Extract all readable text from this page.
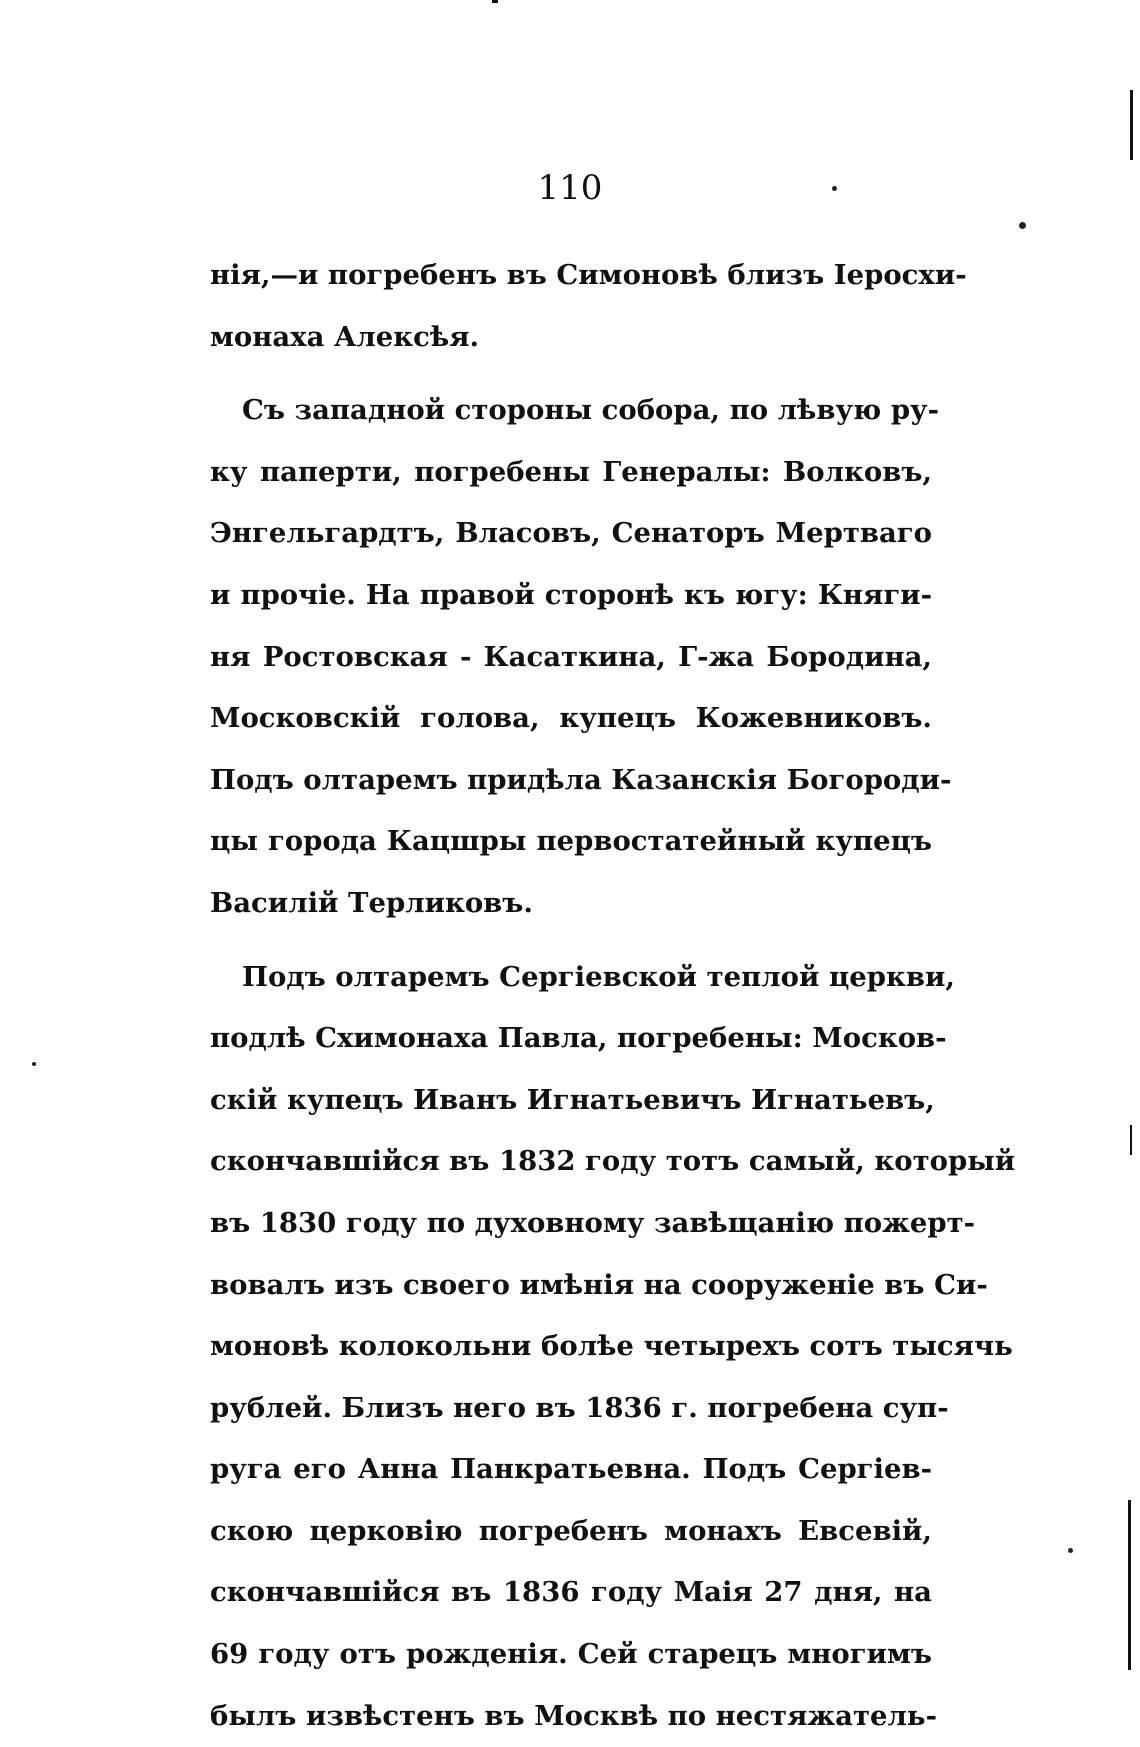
110
нія,—и погребенъ въ Симоновѣ близъ Іеросхи-
монаха Алексѣя.
Съ западной стороны собора, по лѣвую ру-
ку паперти, погребены Генералы: Волковъ,
Энгельгардтъ, Власовъ, Сенаторъ Мертваго
и прочіе. На правой сторонѣ къ югу: Княги-
ня Ростовская - Касаткина, Г-жа Бородина,
Московскій голова, купецъ Кожевниковъ.
Подъ олтаремъ придѣла Казанскія Богороди-
цы города Кацшры первостатейный купецъ
Василій Терликовъ.
Подъ олтаремъ Сергіевской теплой церкви,
подлѣ Схимонаха Павла, погребены: Москов-
скій купецъ Иванъ Игнатьевичъ Игнатьевъ,
скончавшійся въ 1832 году тотъ самый, который
въ 1830 году по духовному завѣщанію пожерт-
вовалъ изъ своего имѣнія на сооруженіе въ Си-
моновѣ колокольни болѣе четырехъ сотъ тысячь
рублей. Близъ него въ 1836 г. погребена суп-
руга его Анна Панкратьевна. Подъ Сергіев-
скою церковію погребенъ монахъ Евсевій,
скончавшійся въ 1836 году Маія 27 дня, на
69 году отъ рожденія. Сей старецъ многимъ
былъ извѣстенъ въ Москвѣ по нестяжатель-
